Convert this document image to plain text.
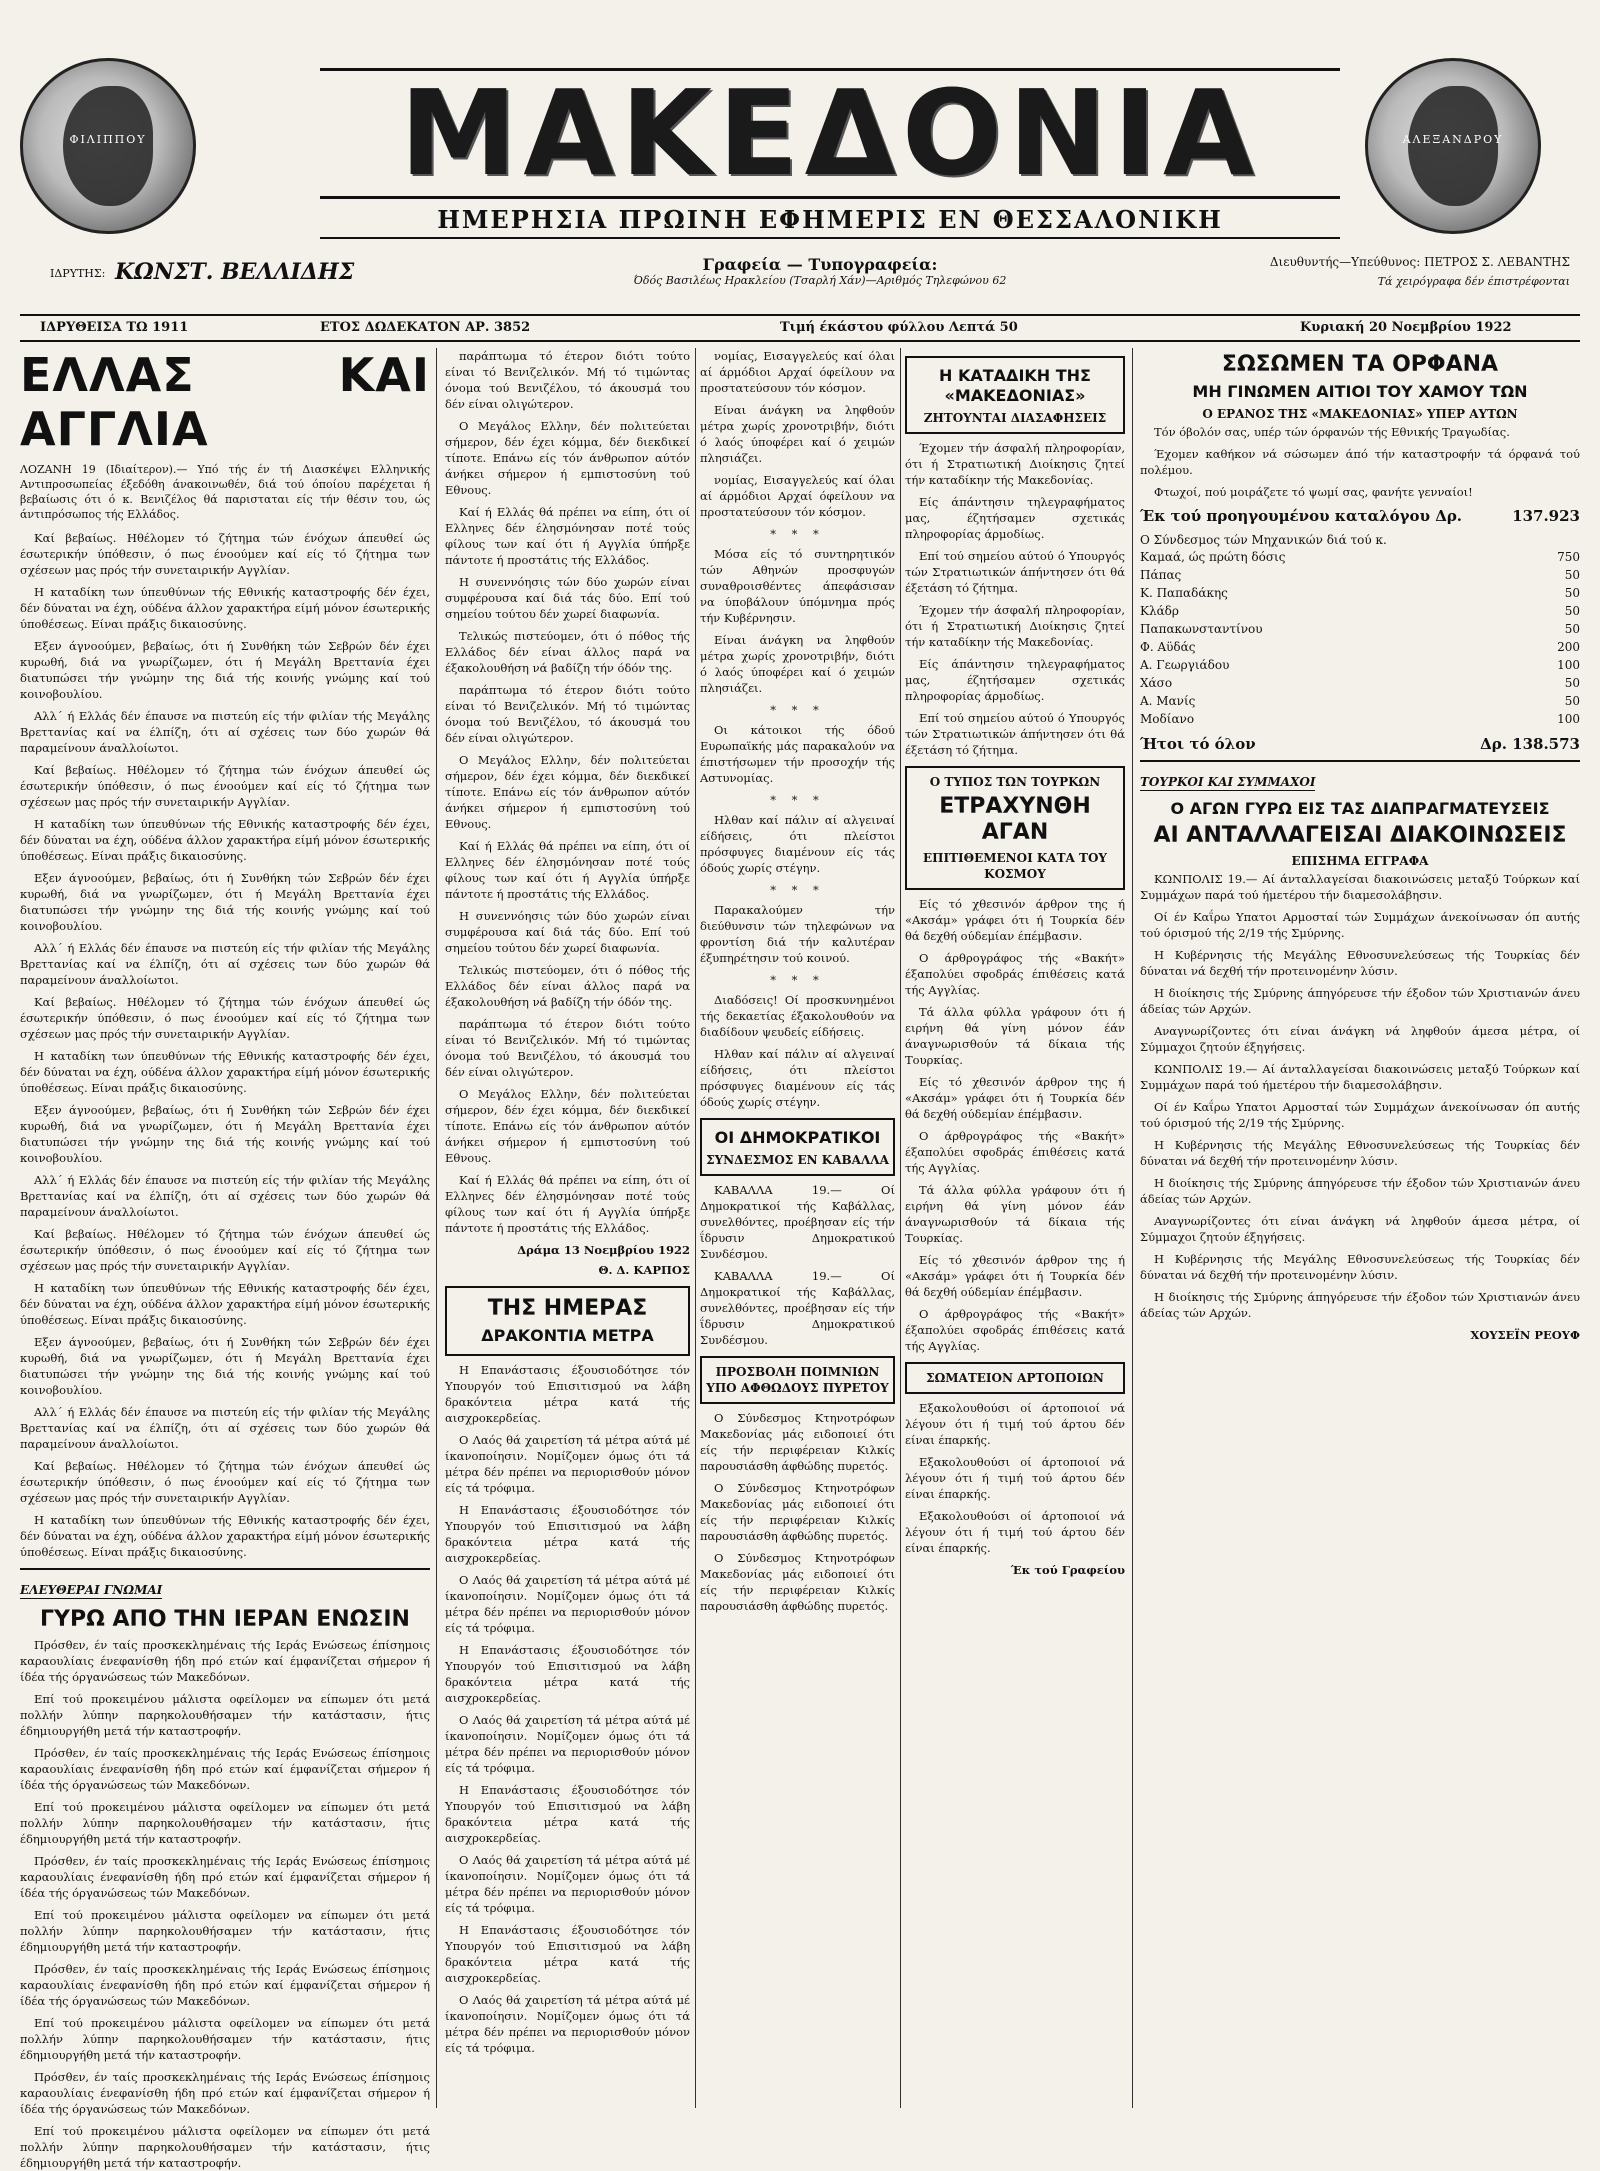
ΦΙΛΙΠΠΟΥ	ΜΑΚΕΔΟΝΙΑ
ΗΜΕΡΗΣΙΑ ΠΡΩΙΝΗ ΕΦΗΜΕΡΙΣ ΕΝ ΘΕΣΣΑΛΟΝΙΚΗ
ΑΛΕΞΑΝΔΡΟΥ
ΙΔΡΥΤΗΣ: ΚΩΝΣΤ. ΒΕΛΛΙΔΗΣ	Γραφεία — Τυπογραφεία:
Όδός Βασιλέως Ηρακλείου (Τσαρλή Χάν)—Αριθμός Τηλεφώνου 62
Διευθυντής—Υπεύθυνος: ΠΕΤΡΟΣ Σ. ΛΕΒΑΝΤΗΣ
Τά χειρόγραφα δέν έπιστρέφονται
ΙΔΡΥΘΕΙΣΑ ΤΩ 1911	ΕΤΟΣ ΔΩΔΕΚΑΤΟΝ ΑΡ. 3852	Τιμή έκάστου φύλλου Λεπτά 50	Κυριακή 20 Νοεμβρίου 1922
ΕΛΛΑΣ ΚΑΙ ΑΓΓΛΙΑ
ΛΟΖΑΝΗ 19 (Ιδιαίτερον).— Υπό τής έν τή Διασκέψει Ελληνικής Αντιπροσωπείας έξεδόθη άνακοινωθέν, διά τού όποίου παρέχεται ή βεβαίωσις ότι ό κ. Βενιζέλος θά παρισταται είς τήν θέσιν του, ώς άντιπρόσωπος τής Ελλάδος.

Καί βεβαίως. Ηθέλομεν τό ζήτημα τών ένόχων άπευθεί ώς έσωτερικήν ύπόθεσιν, ό πως ένοούμεν καί είς τό ζήτημα των σχέσεων μας πρός τήν συνεταιρικήν Αγγλίαν.

Η καταδίκη των ύπευθύνων τής Εθνικής καταστροφής δέν έχει, δέν δύναται να έχη, ούδένα άλλον χαρακτήρα είμή μόνον έσωτερικής ύποθέσεως. Είναι πράξις δικαιοσύνης.

Εξεν άγνοούμεν, βεβαίως, ότι ή Συνθήκη τών Σεβρών δέν έχει κυρωθή, διά να γνωρίζωμεν, ότι ή Μεγάλη Βρεττανία έχει διατυπώσει τήν γνώμην της διά τής κοινής γνώμης καί τού κοινοβουλίου.

Αλλ΄ ή Ελλάς δέν έπαυσε να πιστεύη είς τήν φιλίαν τής Μεγάλης Βρεττανίας καί να έλπίζη, ότι αί σχέσεις των δύο χωρών θά παραμείνουν άναλλοίωτοι.

Καί βεβαίως. Ηθέλομεν τό ζήτημα τών ένόχων άπευθεί ώς έσωτερικήν ύπόθεσιν, ό πως ένοούμεν καί είς τό ζήτημα των σχέσεων μας πρός τήν συνεταιρικήν Αγγλίαν.

Η καταδίκη των ύπευθύνων τής Εθνικής καταστροφής δέν έχει, δέν δύναται να έχη, ούδένα άλλον χαρακτήρα είμή μόνον έσωτερικής ύποθέσεως. Είναι πράξις δικαιοσύνης.

Εξεν άγνοούμεν, βεβαίως, ότι ή Συνθήκη τών Σεβρών δέν έχει κυρωθή, διά να γνωρίζωμεν, ότι ή Μεγάλη Βρεττανία έχει διατυπώσει τήν γνώμην της διά τής κοινής γνώμης καί τού κοινοβουλίου.

Αλλ΄ ή Ελλάς δέν έπαυσε να πιστεύη είς τήν φιλίαν τής Μεγάλης Βρεττανίας καί να έλπίζη, ότι αί σχέσεις των δύο χωρών θά παραμείνουν άναλλοίωτοι.

Καί βεβαίως. Ηθέλομεν τό ζήτημα τών ένόχων άπευθεί ώς έσωτερικήν ύπόθεσιν, ό πως ένοούμεν καί είς τό ζήτημα των σχέσεων μας πρός τήν συνεταιρικήν Αγγλίαν.

Η καταδίκη των ύπευθύνων τής Εθνικής καταστροφής δέν έχει, δέν δύναται να έχη, ούδένα άλλον χαρακτήρα είμή μόνον έσωτερικής ύποθέσεως. Είναι πράξις δικαιοσύνης.

Εξεν άγνοούμεν, βεβαίως, ότι ή Συνθήκη τών Σεβρών δέν έχει κυρωθή, διά να γνωρίζωμεν, ότι ή Μεγάλη Βρεττανία έχει διατυπώσει τήν γνώμην της διά τής κοινής γνώμης καί τού κοινοβουλίου.

Αλλ΄ ή Ελλάς δέν έπαυσε να πιστεύη είς τήν φιλίαν τής Μεγάλης Βρεττανίας καί να έλπίζη, ότι αί σχέσεις των δύο χωρών θά παραμείνουν άναλλοίωτοι.

Καί βεβαίως. Ηθέλομεν τό ζήτημα τών ένόχων άπευθεί ώς έσωτερικήν ύπόθεσιν, ό πως ένοούμεν καί είς τό ζήτημα των σχέσεων μας πρός τήν συνεταιρικήν Αγγλίαν.

Η καταδίκη των ύπευθύνων τής Εθνικής καταστροφής δέν έχει, δέν δύναται να έχη, ούδένα άλλον χαρακτήρα είμή μόνον έσωτερικής ύποθέσεως. Είναι πράξις δικαιοσύνης.

Εξεν άγνοούμεν, βεβαίως, ότι ή Συνθήκη τών Σεβρών δέν έχει κυρωθή, διά να γνωρίζωμεν, ότι ή Μεγάλη Βρεττανία έχει διατυπώσει τήν γνώμην της διά τής κοινής γνώμης καί τού κοινοβουλίου.

Αλλ΄ ή Ελλάς δέν έπαυσε να πιστεύη είς τήν φιλίαν τής Μεγάλης Βρεττανίας καί να έλπίζη, ότι αί σχέσεις των δύο χωρών θά παραμείνουν άναλλοίωτοι.

Καί βεβαίως. Ηθέλομεν τό ζήτημα τών ένόχων άπευθεί ώς έσωτερικήν ύπόθεσιν, ό πως ένοούμεν καί είς τό ζήτημα των σχέσεων μας πρός τήν συνεταιρικήν Αγγλίαν.

Η καταδίκη των ύπευθύνων τής Εθνικής καταστροφής δέν έχει, δέν δύναται να έχη, ούδένα άλλον χαρακτήρα είμή μόνον έσωτερικής ύποθέσεως. Είναι πράξις δικαιοσύνης.

ΕΛΕΥΘΕΡΑΙ ΓΝΩΜΑΙ
ΓΥΡΩ ΑΠΟ ΤΗΝ ΙΕΡΑΝ ΕΝΩΣΙΝ

Πρόσθεν, έν ταίς προσκεκλημέναις τής Ιεράς Ενώσεως έπίσημοις καραουλίαις ένεφανίσθη ήδη πρό ετών καί έμφανίζεται σήμερον ή ίδέα τής όργανώσεως τών Μακεδόνων.

Επί τού προκειμένου μάλιστα οφείλομεν να είπωμεν ότι μετά πολλήν λύπην παρηκολουθήσαμεν τήν κατάστασιν, ήτις έδημιουργήθη μετά τήν καταστροφήν.

Πρόσθεν, έν ταίς προσκεκλημέναις τής Ιεράς Ενώσεως έπίσημοις καραουλίαις ένεφανίσθη ήδη πρό ετών καί έμφανίζεται σήμερον ή ίδέα τής όργανώσεως τών Μακεδόνων.

Επί τού προκειμένου μάλιστα οφείλομεν να είπωμεν ότι μετά πολλήν λύπην παρηκολουθήσαμεν τήν κατάστασιν, ήτις έδημιουργήθη μετά τήν καταστροφήν.

Πρόσθεν, έν ταίς προσκεκλημέναις τής Ιεράς Ενώσεως έπίσημοις καραουλίαις ένεφανίσθη ήδη πρό ετών καί έμφανίζεται σήμερον ή ίδέα τής όργανώσεως τών Μακεδόνων.

Επί τού προκειμένου μάλιστα οφείλομεν να είπωμεν ότι μετά πολλήν λύπην παρηκολουθήσαμεν τήν κατάστασιν, ήτις έδημιουργήθη μετά τήν καταστροφήν.

Πρόσθεν, έν ταίς προσκεκλημέναις τής Ιεράς Ενώσεως έπίσημοις καραουλίαις ένεφανίσθη ήδη πρό ετών καί έμφανίζεται σήμερον ή ίδέα τής όργανώσεως τών Μακεδόνων.

Επί τού προκειμένου μάλιστα οφείλομεν να είπωμεν ότι μετά πολλήν λύπην παρηκολουθήσαμεν τήν κατάστασιν, ήτις έδημιουργήθη μετά τήν καταστροφήν.

Πρόσθεν, έν ταίς προσκεκλημέναις τής Ιεράς Ενώσεως έπίσημοις καραουλίαις ένεφανίσθη ήδη πρό ετών καί έμφανίζεται σήμερον ή ίδέα τής όργανώσεως τών Μακεδόνων.

Επί τού προκειμένου μάλιστα οφείλομεν να είπωμεν ότι μετά πολλήν λύπην παρηκολουθήσαμεν τήν κατάστασιν, ήτις έδημιουργήθη μετά τήν καταστροφήν.

παράπτωμα τό έτερον διότι τούτο είναι τό Βενιζελικόν. Μή τό τιμώντας όνομα τού Βενιζέλου, τό άκουσμά του δέν είναι ολιγώτερον.

Ο Μεγάλος Ελλην, δέν πολιτεύεται σήμερον, δέν έχει κόμμα, δέν διεκδικεί τίποτε. Επάνω είς τόν άνθρωπον αύτόν άνήκει σήμερον ή εμπιστοσύνη τού Εθνους.

Καί ή Ελλάς θά πρέπει να είπη, ότι οί Ελληνες δέν έλησμόνησαν ποτέ τούς φίλους των καί ότι ή Αγγλία ύπήρξε πάντοτε ή προστάτις τής Ελλάδος.

Η συνεννόησις τών δύο χωρών είναι συμφέρουσα καί διά τάς δύο. Επί τού σημείου τούτου δέν χωρεί διαφωνία.

Τελικώς πιστεύομεν, ότι ό πόθος τής Ελλάδος δέν είναι άλλος παρά να έξακολουθήση νά βαδίζη τήν όδόν της.

παράπτωμα τό έτερον διότι τούτο είναι τό Βενιζελικόν. Μή τό τιμώντας όνομα τού Βενιζέλου, τό άκουσμά του δέν είναι ολιγώτερον.

Ο Μεγάλος Ελλην, δέν πολιτεύεται σήμερον, δέν έχει κόμμα, δέν διεκδικεί τίποτε. Επάνω είς τόν άνθρωπον αύτόν άνήκει σήμερον ή εμπιστοσύνη τού Εθνους.

Καί ή Ελλάς θά πρέπει να είπη, ότι οί Ελληνες δέν έλησμόνησαν ποτέ τούς φίλους των καί ότι ή Αγγλία ύπήρξε πάντοτε ή προστάτις τής Ελλάδος.

Η συνεννόησις τών δύο χωρών είναι συμφέρουσα καί διά τάς δύο. Επί τού σημείου τούτου δέν χωρεί διαφωνία.

Τελικώς πιστεύομεν, ότι ό πόθος τής Ελλάδος δέν είναι άλλος παρά να έξακολουθήση νά βαδίζη τήν όδόν της.

παράπτωμα τό έτερον διότι τούτο είναι τό Βενιζελικόν. Μή τό τιμώντας όνομα τού Βενιζέλου, τό άκουσμά του δέν είναι ολιγώτερον.

Ο Μεγάλος Ελλην, δέν πολιτεύεται σήμερον, δέν έχει κόμμα, δέν διεκδικεί τίποτε. Επάνω είς τόν άνθρωπον αύτόν άνήκει σήμερον ή εμπιστοσύνη τού Εθνους.

Καί ή Ελλάς θά πρέπει να είπη, ότι οί Ελληνες δέν έλησμόνησαν ποτέ τούς φίλους των καί ότι ή Αγγλία ύπήρξε πάντοτε ή προστάτις τής Ελλάδος.

Δράμα 13 Νοεμβρίου 1922
Θ. Δ. ΚΑΡΠΟΣ
ΤΗΣ ΗΜΕΡΑΣ
ΔΡΑΚΟΝΤΙΑ ΜΕΤΡΑ

Η Επανάστασις έξουσιοδότησε τόν Υπουργόν τού Επισιτισμού να λάβη δρακόντεια μέτρα κατά τής αισχροκερδείας.

Ο Λαός θά χαιρετίση τά μέτρα αύτά μέ ίκανοποίησιν. Νομίζομεν όμως ότι τά μέτρα δέν πρέπει να περιορισθούν μόνον είς τά τρόφιμα.

Η Επανάστασις έξουσιοδότησε τόν Υπουργόν τού Επισιτισμού να λάβη δρακόντεια μέτρα κατά τής αισχροκερδείας.

Ο Λαός θά χαιρετίση τά μέτρα αύτά μέ ίκανοποίησιν. Νομίζομεν όμως ότι τά μέτρα δέν πρέπει να περιορισθούν μόνον είς τά τρόφιμα.

Η Επανάστασις έξουσιοδότησε τόν Υπουργόν τού Επισιτισμού να λάβη δρακόντεια μέτρα κατά τής αισχροκερδείας.

Ο Λαός θά χαιρετίση τά μέτρα αύτά μέ ίκανοποίησιν. Νομίζομεν όμως ότι τά μέτρα δέν πρέπει να περιορισθούν μόνον είς τά τρόφιμα.

Η Επανάστασις έξουσιοδότησε τόν Υπουργόν τού Επισιτισμού να λάβη δρακόντεια μέτρα κατά τής αισχροκερδείας.

Ο Λαός θά χαιρετίση τά μέτρα αύτά μέ ίκανοποίησιν. Νομίζομεν όμως ότι τά μέτρα δέν πρέπει να περιορισθούν μόνον είς τά τρόφιμα.

Η Επανάστασις έξουσιοδότησε τόν Υπουργόν τού Επισιτισμού να λάβη δρακόντεια μέτρα κατά τής αισχροκερδείας.

Ο Λαός θά χαιρετίση τά μέτρα αύτά μέ ίκανοποίησιν. Νομίζομεν όμως ότι τά μέτρα δέν πρέπει να περιορισθούν μόνον είς τά τρόφιμα.

νομίας, Εισαγγελεύς καί όλαι αί άρμόδιοι Αρχαί όφείλουν να προστατεύσουν τόν κόσμον.

Είναι άνάγκη να ληφθούν μέτρα χωρίς χρονοτριβήν, διότι ό λαός ύποφέρει καί ό χειμών πλησιάζει.

νομίας, Εισαγγελεύς καί όλαι αί άρμόδιοι Αρχαί όφείλουν να προστατεύσουν τόν κόσμον.

* * *

Μόσα είς τό συντηρητικόν τών Αθηνών προσφυγών συναθροισθέντες άπεφάσισαν να ύποβάλουν ύπόμνημα πρός τήν Κυβέρνησιν.

Είναι άνάγκη να ληφθούν μέτρα χωρίς χρονοτριβήν, διότι ό λαός ύποφέρει καί ό χειμών πλησιάζει.

* * *

Οι κάτοικοι τής όδού Ευρωπαϊκής μάς παρακαλούν να έπιστήσωμεν τήν προσοχήν τής Αστυνομίας.

* * *

Ηλθαν καί πάλιν αί αλγειναί είδήσεις, ότι πλείστοι πρόσφυγες διαμένουν είς τάς όδούς χωρίς στέγην.

* * *

Παρακαλούμεν τήν διεύθυνσιν τών τηλεφώνων να φροντίση διά τήν καλυτέραν έξυπηρέτησιν τού κοινού.

* * *

Διαδόσεις! Οί προσκυνημένοι τής δεκαετίας έξακολουθούν να διαδίδουν ψευδείς είδήσεις.

Ηλθαν καί πάλιν αί αλγειναί είδήσεις, ότι πλείστοι πρόσφυγες διαμένουν είς τάς όδούς χωρίς στέγην.

ΟΙ ΔΗΜΟΚΡΑΤΙΚΟΙ
ΣΥΝΔΕΣΜΟΣ ΕΝ ΚΑΒΑΛΛΑ

ΚΑΒΑΛΛΑ 19.— Οί Δημοκρατικοί τής Καβάλλας, συνελθόντες, προέβησαν είς τήν ΐδρυσιν Δημοκρατικού Συνδέσμου.

ΚΑΒΑΛΛΑ 19.— Οί Δημοκρατικοί τής Καβάλλας, συνελθόντες, προέβησαν είς τήν ΐδρυσιν Δημοκρατικού Συνδέσμου.

ΠΡΟΣΒΟΛΗ ΠΟΙΜΝΙΩΝ ΥΠΟ ΑΦΘΩΔΟΥΣ ΠΥΡΕΤΟΥ

Ο Σύνδεσμος Κτηνοτρόφων Μακεδονίας μάς ειδοποιεί ότι είς τήν περιφέρειαν Κιλκίς παρουσιάσθη άφθώδης πυρετός.

Ο Σύνδεσμος Κτηνοτρόφων Μακεδονίας μάς ειδοποιεί ότι είς τήν περιφέρειαν Κιλκίς παρουσιάσθη άφθώδης πυρετός.

Ο Σύνδεσμος Κτηνοτρόφων Μακεδονίας μάς ειδοποιεί ότι είς τήν περιφέρειαν Κιλκίς παρουσιάσθη άφθώδης πυρετός.

Η ΚΑΤΑΔΙΚΗ ΤΗΣ «ΜΑΚΕΔΟΝΙΑΣ»
ΖΗΤΟΥΝΤΑΙ ΔΙΑΣΑΦΗΣΕΙΣ

Έχομεν τήν άσφαλή πληροφορίαν, ότι ή Στρατιωτική Διοίκησις ζητεί τήν καταδίκην τής Μακεδονίας.

Είς άπάντησιν τηλεγραφήματος μας, έζητήσαμεν σχετικάς πληροφορίας άρμοδίως.

Επί τού σημείου αύτού ό Υπουργός τών Στρατιωτικών άπήντησεν ότι θά έξετάση τό ζήτημα.

Έχομεν τήν άσφαλή πληροφορίαν, ότι ή Στρατιωτική Διοίκησις ζητεί τήν καταδίκην τής Μακεδονίας.

Είς άπάντησιν τηλεγραφήματος μας, έζητήσαμεν σχετικάς πληροφορίας άρμοδίως.

Επί τού σημείου αύτού ό Υπουργός τών Στρατιωτικών άπήντησεν ότι θά έξετάση τό ζήτημα.

Ο ΤΥΠΟΣ ΤΩΝ ΤΟΥΡΚΩΝ
ΕΤΡΑΧΥΝΘΗ ΑΓΑΝ
ΕΠΙΤΙΘΕΜΕΝΟΙ ΚΑΤΑ ΤΟΥ ΚΟΣΜΟΥ

Είς τό χθεσινόν άρθρον της ή «Ακσάμ» γράφει ότι ή Τουρκία δέν θά δεχθή ούδεμίαν έπέμβασιν.

Ο άρθρογράφος τής «Βακήτ» έξαπολύει σφοδράς έπιθέσεις κατά τής Αγγλίας.

Τά άλλα φύλλα γράφουν ότι ή ειρήνη θά γίνη μόνον έάν άναγνωρισθούν τά δίκαια τής Τουρκίας.

Είς τό χθεσινόν άρθρον της ή «Ακσάμ» γράφει ότι ή Τουρκία δέν θά δεχθή ούδεμίαν έπέμβασιν.

Ο άρθρογράφος τής «Βακήτ» έξαπολύει σφοδράς έπιθέσεις κατά τής Αγγλίας.

Τά άλλα φύλλα γράφουν ότι ή ειρήνη θά γίνη μόνον έάν άναγνωρισθούν τά δίκαια τής Τουρκίας.

Είς τό χθεσινόν άρθρον της ή «Ακσάμ» γράφει ότι ή Τουρκία δέν θά δεχθή ούδεμίαν έπέμβασιν.

Ο άρθρογράφος τής «Βακήτ» έξαπολύει σφοδράς έπιθέσεις κατά τής Αγγλίας.

ΣΩΜΑΤΕΙΟΝ ΑΡΤΟΠΟΙΩΝ

Εξακολουθούσι οί άρτοποιοί νά λέγουν ότι ή τιμή τού άρτου δέν είναι έπαρκής.

Εξακολουθούσι οί άρτοποιοί νά λέγουν ότι ή τιμή τού άρτου δέν είναι έπαρκής.

Εξακολουθούσι οί άρτοποιοί νά λέγουν ότι ή τιμή τού άρτου δέν είναι έπαρκής.

Έκ τού Γραφείου
ΣΩΣΩΜΕΝ ΤΑ ΟΡΦΑΝΑ
ΜΗ ΓΙΝΩΜΕΝ ΑΙΤΙΟΙ ΤΟΥ ΧΑΜΟΥ ΤΩΝ
Ο ΕΡΑΝΟΣ ΤΗΣ «ΜΑΚΕΔΟΝΙΑΣ» ΥΠΕΡ ΑΥΤΩΝ

Τόν όβολόν σας, υπέρ τών όρφανών τής Εθνικής Τραγωδίας.

Έχομεν καθήκον νά σώσωμεν άπό τήν καταστροφήν τά όρφανά τού πολέμου.

Φτωχοί, πού μοιράζετε τό ψωμί σας, φανήτε γενναίοι!

Έκ τού προηγουμένου καταλόγου Δρ.	137.923
Ο Σύνδεσμος τών Μηχανικών διά τού κ.
Καμαά, ώς πρώτη δόσις	750
Πάπας	50
Κ. Παπαδάκης	50
Κλάδρ	50
Παπακωνσταντίνου	50
Φ. Αϋδάς	200
Α. Γεωργιάδου	100
Χάσο	50
Α. Μανίς	50
Μοδίανο	100
Ήτοι τό όλον	Δρ. 138.573
ΤΟΥΡΚΟΙ ΚΑΙ ΣΥΜΜΑΧΟΙ
Ο ΑΓΩΝ ΓΥΡΩ ΕΙΣ ΤΑΣ ΔΙΑΠΡΑΓΜΑΤΕΥΣΕΙΣ
ΑΙ ΑΝΤΑΛΛΑΓΕΙΣΑΙ ΔΙΑΚΟΙΝΩΣΕΙΣ
ΕΠΙΣΗΜΑ ΕΓΓΡΑΦΑ

ΚΩΝΠΟΛΙΣ 19.— Αί άνταλλαγείσαι διακοινώσεις μεταξύ Τούρκων καί Συμμάχων παρά τού ήμετέρου τήν διαμεσολάβησιν.

Οί έν Καΐρω Υπατοι Αρμοσταί τών Συμμάχων άνεκοίνωσαν όπ αυτής τού όρισμού τής 2/19 τής Σμύρνης.

Η Κυβέρνησις τής Μεγάλης Εθνοσυνελεύσεως τής Τουρκίας δέν δύναται νά δεχθή τήν προτεινομένην λύσιν.

Η διοίκησις τής Σμύρνης άπηγόρευσε τήν έξοδον τών Χριστιανών άνευ άδείας τών Αρχών.

Αναγνωρίζοντες ότι είναι άνάγκη νά ληφθούν άμεσα μέτρα, οί Σύμμαχοι ζητούν έξηγήσεις.

ΚΩΝΠΟΛΙΣ 19.— Αί άνταλλαγείσαι διακοινώσεις μεταξύ Τούρκων καί Συμμάχων παρά τού ήμετέρου τήν διαμεσολάβησιν.

Οί έν Καΐρω Υπατοι Αρμοσταί τών Συμμάχων άνεκοίνωσαν όπ αυτής τού όρισμού τής 2/19 τής Σμύρνης.

Η Κυβέρνησις τής Μεγάλης Εθνοσυνελεύσεως τής Τουρκίας δέν δύναται νά δεχθή τήν προτεινομένην λύσιν.

Η διοίκησις τής Σμύρνης άπηγόρευσε τήν έξοδον τών Χριστιανών άνευ άδείας τών Αρχών.

Αναγνωρίζοντες ότι είναι άνάγκη νά ληφθούν άμεσα μέτρα, οί Σύμμαχοι ζητούν έξηγήσεις.

Η Κυβέρνησις τής Μεγάλης Εθνοσυνελεύσεως τής Τουρκίας δέν δύναται νά δεχθή τήν προτεινομένην λύσιν.

Η διοίκησις τής Σμύρνης άπηγόρευσε τήν έξοδον τών Χριστιανών άνευ άδείας τών Αρχών.

ΧΟΥΣΕΪΝ ΡΕΟΥΦ
